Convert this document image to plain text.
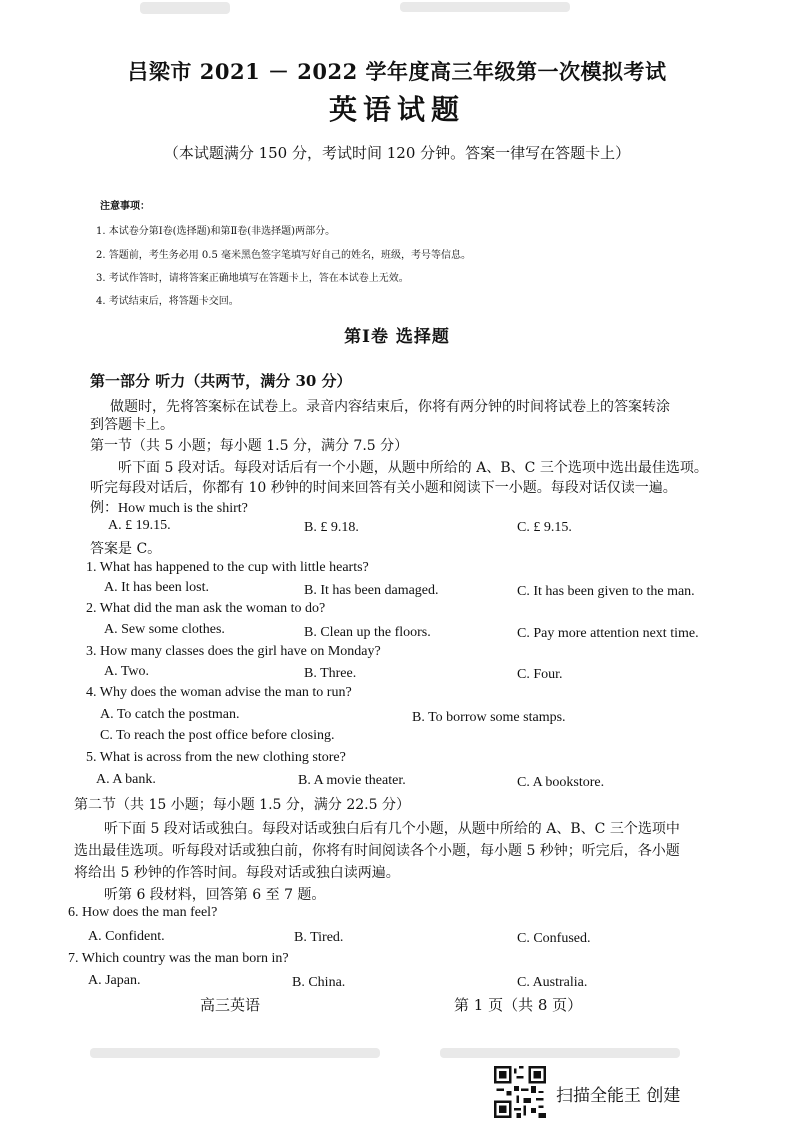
吕梁市 2021 － 2022 学年度高三年级第一次模拟考试
英语试题
（本试题满分 150 分，考试时间 120 分钟。答案一律写在答题卡上）
注意事项：
1. 本试卷分第Ⅰ卷(选择题)和第Ⅱ卷(非选择题)两部分。
2. 答题前，考生务必用 0.5 毫米黑色签字笔填写好自己的姓名，班级，考号等信息。
3. 考试作答时，请将答案正确地填写在答题卡上，答在本试卷上无效。
4. 考试结束后，将答题卡交回。
第Ⅰ卷 选择题
第一部分 听力（共两节，满分 30 分）
做题时，先将答案标在试卷上。录音内容结束后，你将有两分钟的时间将试卷上的答案转涂
到答题卡上。
第一节（共 5 小题；每小题 1.5 分，满分 7.5 分）
听下面 5 段对话。每段对话后有一个小题，从题中所给的 A、B、C 三个选项中选出最佳选项。
听完每段对话后，你都有 10 秒钟的时间来回答有关小题和阅读下一小题。每段对话仅读一遍。
例：How much is the shirt?
A. £ 19.15.	B. £ 9.18.	C. £ 9.15.
答案是 C。
1. What has happened to the cup with little hearts?
A. It has been lost.	B. It has been damaged.	C. It has been given to the man.
2. What did the man ask the woman to do?
A. Sew some clothes.	B. Clean up the floors.	C. Pay more attention next time.
3. How many classes does the girl have on Monday?
A. Two.	B. Three.	C. Four.
4. Why does the woman advise the man to run?
A. To catch the postman.	B. To borrow some stamps.
C. To reach the post office before closing.
5. What is across from the new clothing store?
A. A bank.	B. A movie theater.	C. A bookstore.
第二节（共 15 小题；每小题 1.5 分，满分 22.5 分）
听下面 5 段对话或独白。每段对话或独白后有几个小题，从题中所给的 A、B、C 三个选项中
选出最佳选项。听每段对话或独白前，你将有时间阅读各个小题，每小题 5 秒钟；听完后，各小题
将给出 5 秒钟的作答时间。每段对话或独白读两遍。
听第 6 段材料，回答第 6 至 7 题。
6. How does the man feel?
A. Confident.	B. Tired.	C. Confused.
7. Which country was the man born in?
A. Japan.	B. China.	C. Australia.
高三英语	第 1 页（共 8 页）
扫描全能王 创建
